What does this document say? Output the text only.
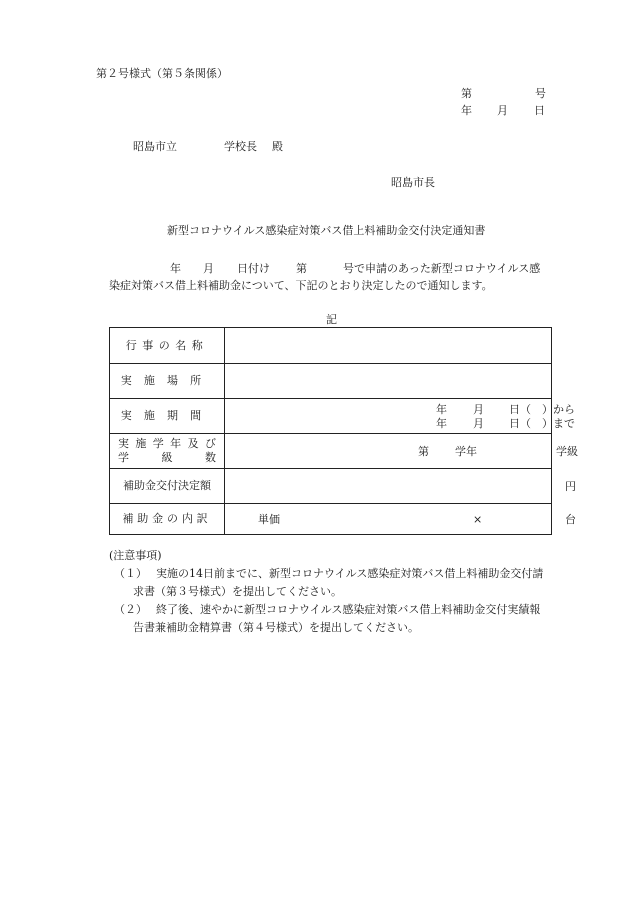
第２号様式（第５条関係）
第	号
年 月 日
昭島市立	学校長 殿
昭島市長
新型コロナウイルス感染症対策バス借上料補助金交付決定通知書
年 月 日付け 第	号で申請のあった新型コロナウイルス感
染症対策バス借上料補助金について、下記のとおり決定したので通知します。
記
行事の名称
実施場所
実施期間	年 月 日（　）から
年 月 日（　）まで
実 施 学 年 及 び
学	級	数	第 学年	学級
補助金交付決定額	円
補助金の内訳	単価	×	台
(注意事項)
（１） 実施の14日前までに、新型コロナウイルス感染症対策バス借上料補助金交付請
求書（第３号様式）を提出してください。
（２） 終了後、速やかに新型コロナウイルス感染症対策バス借上料補助金交付実績報
告書兼補助金精算書（第４号様式）を提出してください。
